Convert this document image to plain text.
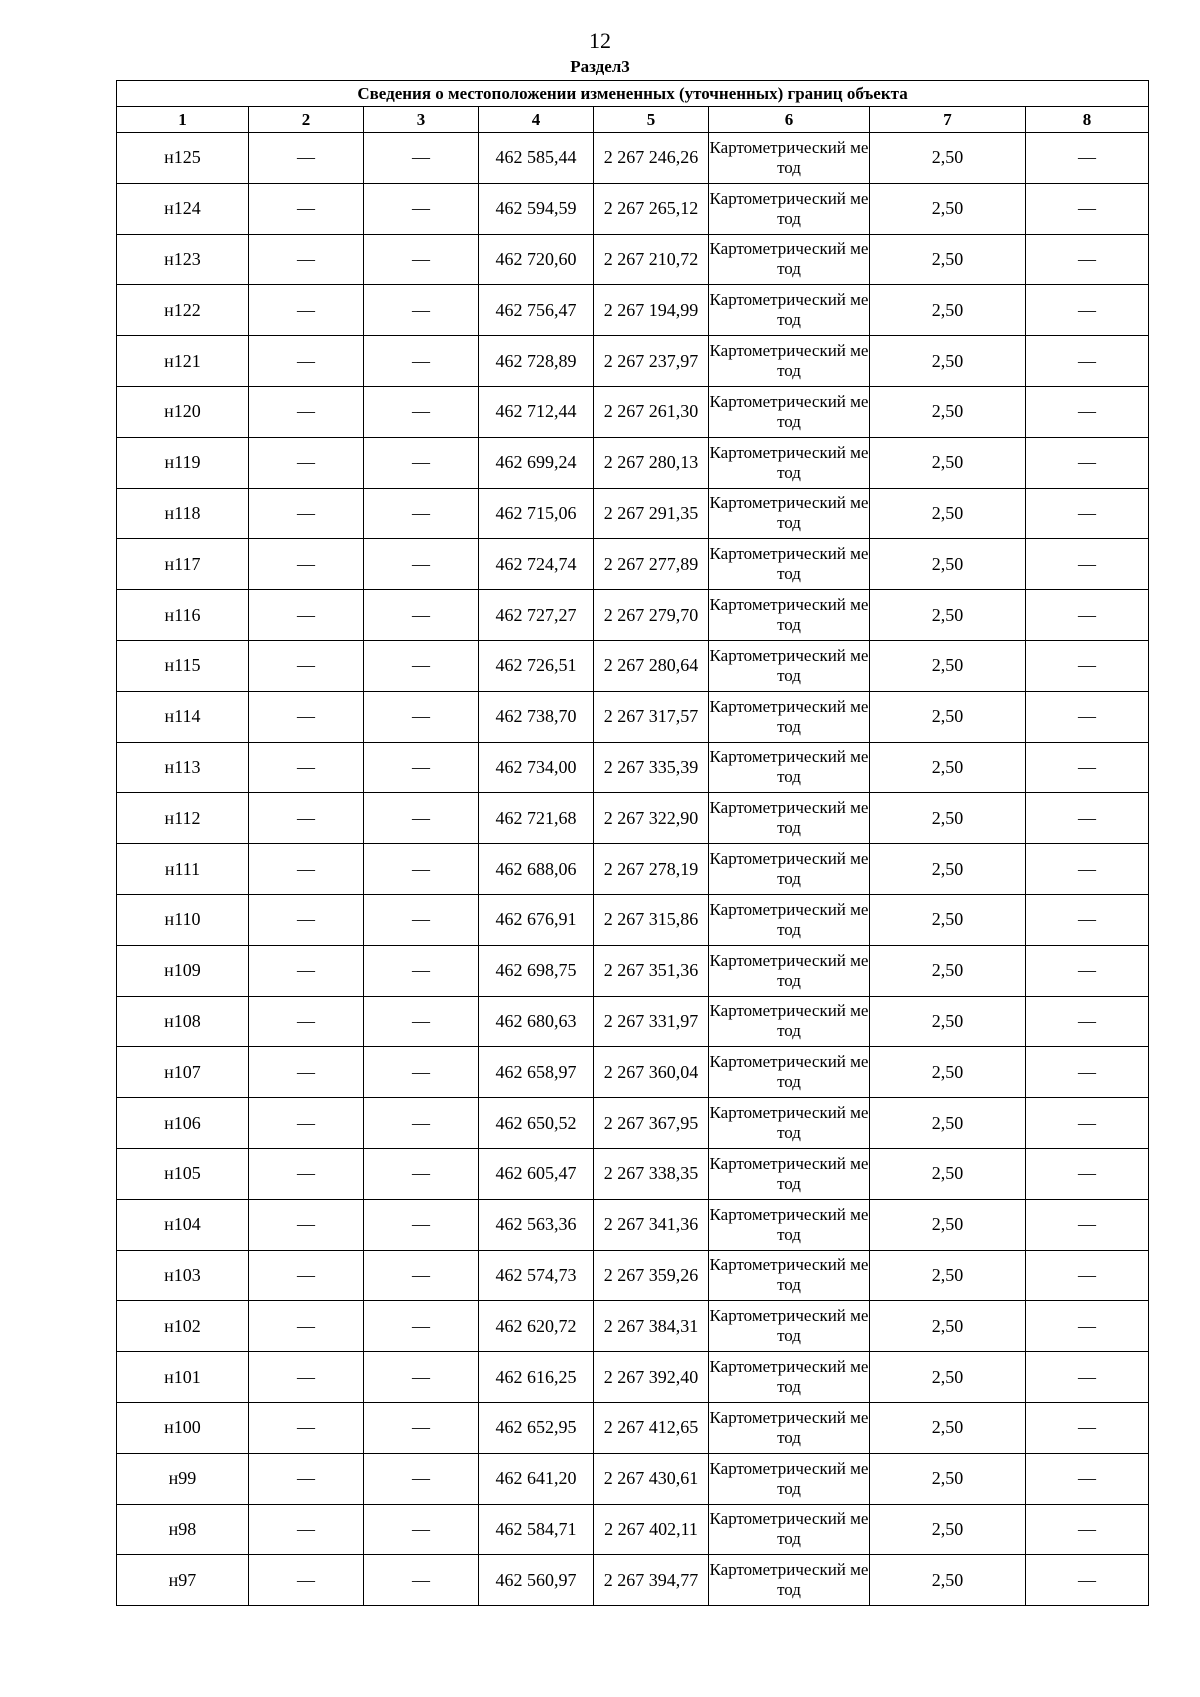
12
Раздел3
Сведения о местоположении измененных (уточненных) границ объекта							
1	2	3	4	5	6	7	8
н125	—	—	462 585,44	2 267 246,26	Картометрический метод	2,50	—
н124	—	—	462 594,59	2 267 265,12	Картометрический метод	2,50	—
н123	—	—	462 720,60	2 267 210,72	Картометрический метод	2,50	—
н122	—	—	462 756,47	2 267 194,99	Картометрический метод	2,50	—
н121	—	—	462 728,89	2 267 237,97	Картометрический метод	2,50	—
н120	—	—	462 712,44	2 267 261,30	Картометрический метод	2,50	—
н119	—	—	462 699,24	2 267 280,13	Картометрический метод	2,50	—
н118	—	—	462 715,06	2 267 291,35	Картометрический метод	2,50	—
н117	—	—	462 724,74	2 267 277,89	Картометрический метод	2,50	—
н116	—	—	462 727,27	2 267 279,70	Картометрический метод	2,50	—
н115	—	—	462 726,51	2 267 280,64	Картометрический метод	2,50	—
н114	—	—	462 738,70	2 267 317,57	Картометрический метод	2,50	—
н113	—	—	462 734,00	2 267 335,39	Картометрический метод	2,50	—
н112	—	—	462 721,68	2 267 322,90	Картометрический метод	2,50	—
н111	—	—	462 688,06	2 267 278,19	Картометрический метод	2,50	—
н110	—	—	462 676,91	2 267 315,86	Картометрический метод	2,50	—
н109	—	—	462 698,75	2 267 351,36	Картометрический метод	2,50	—
н108	—	—	462 680,63	2 267 331,97	Картометрический метод	2,50	—
н107	—	—	462 658,97	2 267 360,04	Картометрический метод	2,50	—
н106	—	—	462 650,52	2 267 367,95	Картометрический метод	2,50	—
н105	—	—	462 605,47	2 267 338,35	Картометрический метод	2,50	—
н104	—	—	462 563,36	2 267 341,36	Картометрический метод	2,50	—
н103	—	—	462 574,73	2 267 359,26	Картометрический метод	2,50	—
н102	—	—	462 620,72	2 267 384,31	Картометрический метод	2,50	—
н101	—	—	462 616,25	2 267 392,40	Картометрический метод	2,50	—
н100	—	—	462 652,95	2 267 412,65	Картометрический метод	2,50	—
н99	—	—	462 641,20	2 267 430,61	Картометрический метод	2,50	—
н98	—	—	462 584,71	2 267 402,11	Картометрический метод	2,50	—
н97	—	—	462 560,97	2 267 394,77	Картометрический метод	2,50	—
